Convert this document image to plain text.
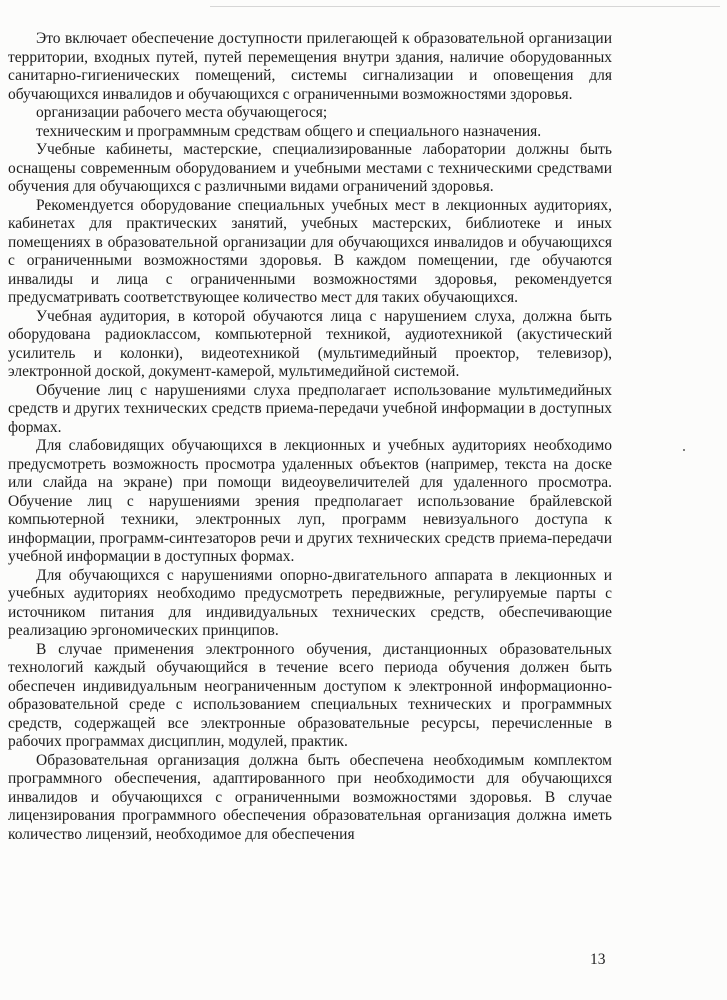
Это включает обеспечение доступности прилегающей к образовательной организации территории, входных путей, путей перемещения внутри здания, наличие оборудованных санитарно-гигиенических помещений, системы сигнализации и оповещения для обучающихся инвалидов и обучающихся с ограниченными возможностями здоровья.

организации рабочего места обучающегося;

техническим и программным средствам общего и специального назначения.

Учебные кабинеты, мастерские, специализированные лаборатории должны быть оснащены современным оборудованием и учебными местами с техническими средствами обучения для обучающихся с различными видами ограничений здоровья.

Рекомендуется оборудование специальных учебных мест в лекционных аудиториях, кабинетах для практических занятий, учебных мастерских, библиотеке и иных помещениях в образовательной организации для обучающихся инвалидов и обучающихся с ограниченными возможностями здоровья. В каждом помещении, где обучаются инвалиды и лица с ограниченными возможностями здоровья, рекомендуется предусматривать соответствующее количество мест для таких обучающихся.

Учебная аудитория, в которой обучаются лица с нарушением слуха, должна быть оборудована радиоклассом, компьютерной техникой, аудиотехникой (акустический усилитель и колонки), видеотехникой (мультимедийный проектор, телевизор), электронной доской, документ-камерой, мультимедийной системой.

Обучение лиц с нарушениями слуха предполагает использование мультимедийных средств и других технических средств приема-передачи учебной информации в доступных формах.

Для слабовидящих обучающихся в лекционных и учебных аудиториях необходимо предусмотреть возможность просмотра удаленных объектов (например, текста на доске или слайда на экране) при помощи видеоувеличителей для удаленного просмотра. Обучение лиц с нарушениями зрения предполагает использование брайлевской компьютерной техники, электронных луп, программ невизуального доступа к информации, программ-синтезаторов речи и других технических средств приема-передачи учебной информации в доступных формах.

Для обучающихся с нарушениями опорно-двигательного аппарата в лекционных и учебных аудиториях необходимо предусмотреть передвижные, регулируемые парты с источником питания для индивидуальных технических средств, обеспечивающие реализацию эргономических принципов.

В случае применения электронного обучения, дистанционных образовательных технологий каждый обучающийся в течение всего периода обучения должен быть обеспечен индивидуальным неограниченным доступом к электронной информационно-образовательной среде с использованием специальных технических и программных средств, содержащей все электронные образовательные ресурсы, перечисленные в рабочих программах дисциплин, модулей, практик.

Образовательная организация должна быть обеспечена необходимым комплектом программного обеспечения, адаптированного при необходимости для обучающихся инвалидов и обучающихся с ограниченными возможностями здоровья. В случае лицензирования программного обеспечения образовательная организация должна иметь количество лицензий, необходимое для обеспечения

13
